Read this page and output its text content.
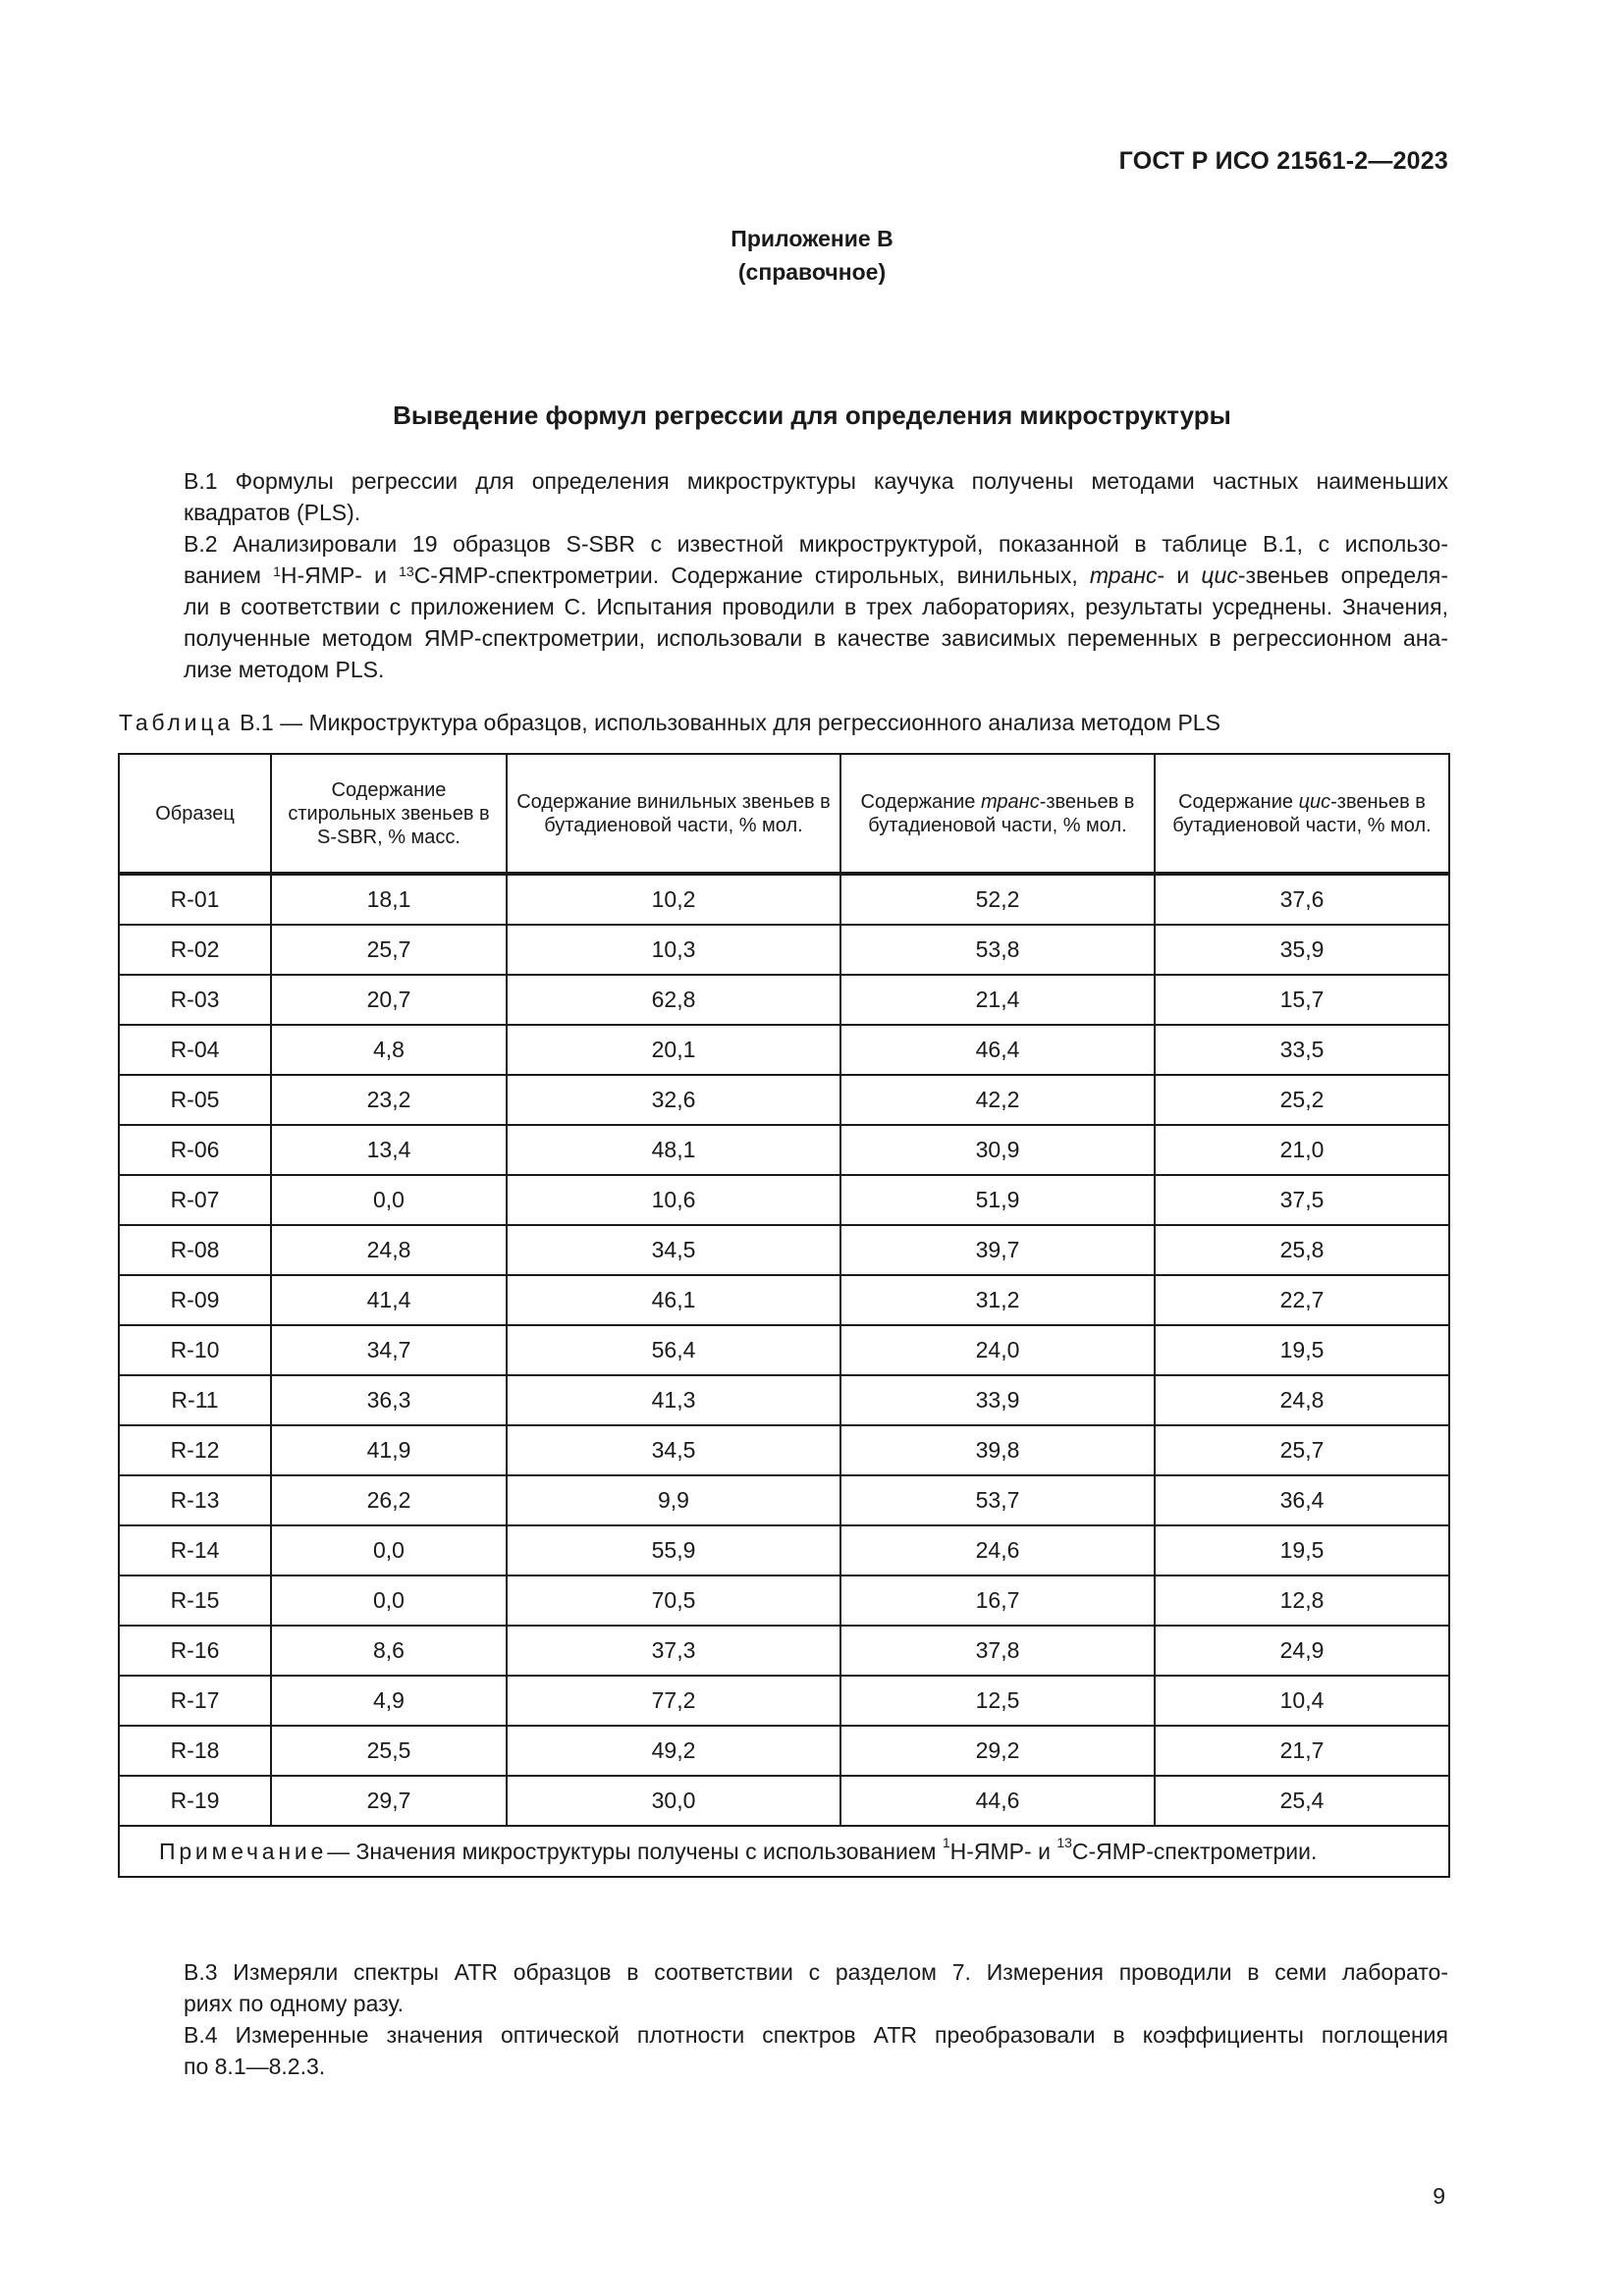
ГОСТ Р ИСО 21561-2—2023
Приложение В
(справочное)
Выведение формул регрессии для определения микроструктуры

В.1 Формулы регрессии для определения микроструктуры каучука получены методами частных наименьших
квадратов (PLS).

В.2 Анализировали 19 образцов S-SBR с известной микроструктурой, показанной в таблице В.1, с использо-
ванием $^1$H-ЯМР- и $^{13}$С-ЯМР-спектрометрии. Содержание стирольных, винильных, транс- и цис-звеньев определя-
ли в соответствии с приложением С. Испытания проводили в трех лабораториях, результаты усреднены. Значения,
полученные методом ЯМР-спектрометрии, использовали в качестве зависимых переменных в регрессионном ана-
лизе методом PLS.

Таблица В.1 — Микроструктура образцов, использованных для регрессионного анализа методом PLS
Образец	Содержание стирольных звеньев в S-SBR, % масс.	Содержание винильных звеньев в бутадиеновой части, % мол.	Содержание транс-звеньев в бутадиеновой части, % мол.	Содержание цис-звеньев в бутадиеновой части, % мол.
R-01	18,1	10,2	52,2	37,6
R-02	25,7	10,3	53,8	35,9
R-03	20,7	62,8	21,4	15,7
R-04	4,8	20,1	46,4	33,5
R-05	23,2	32,6	42,2	25,2
R-06	13,4	48,1	30,9	21,0
R-07	0,0	10,6	51,9	37,5
R-08	24,8	34,5	39,7	25,8
R-09	41,4	46,1	31,2	22,7
R-10	34,7	56,4	24,0	19,5
R-11	36,3	41,3	33,9	24,8
R-12	41,9	34,5	39,8	25,7
R-13	26,2	9,9	53,7	36,4
R-14	0,0	55,9	24,6	19,5
R-15	0,0	70,5	16,7	12,8
R-16	8,6	37,3	37,8	24,9
R-17	4,9	77,2	12,5	10,4
R-18	25,5	49,2	29,2	21,7
R-19	29,7	30,0	44,6	25,4
Примечание— Значения микроструктуры получены с использованием $^1$H-ЯМР- и $^{13}$С-ЯМР-спектрометрии.				

В.3 Измеряли спектры ATR образцов в соответствии с разделом 7. Измерения проводили в семи лаборато-
риях по одному разу.

В.4 Измеренные значения оптической плотности спектров ATR преобразовали в коэффициенты поглощения
по 8.1—8.2.3.

9
